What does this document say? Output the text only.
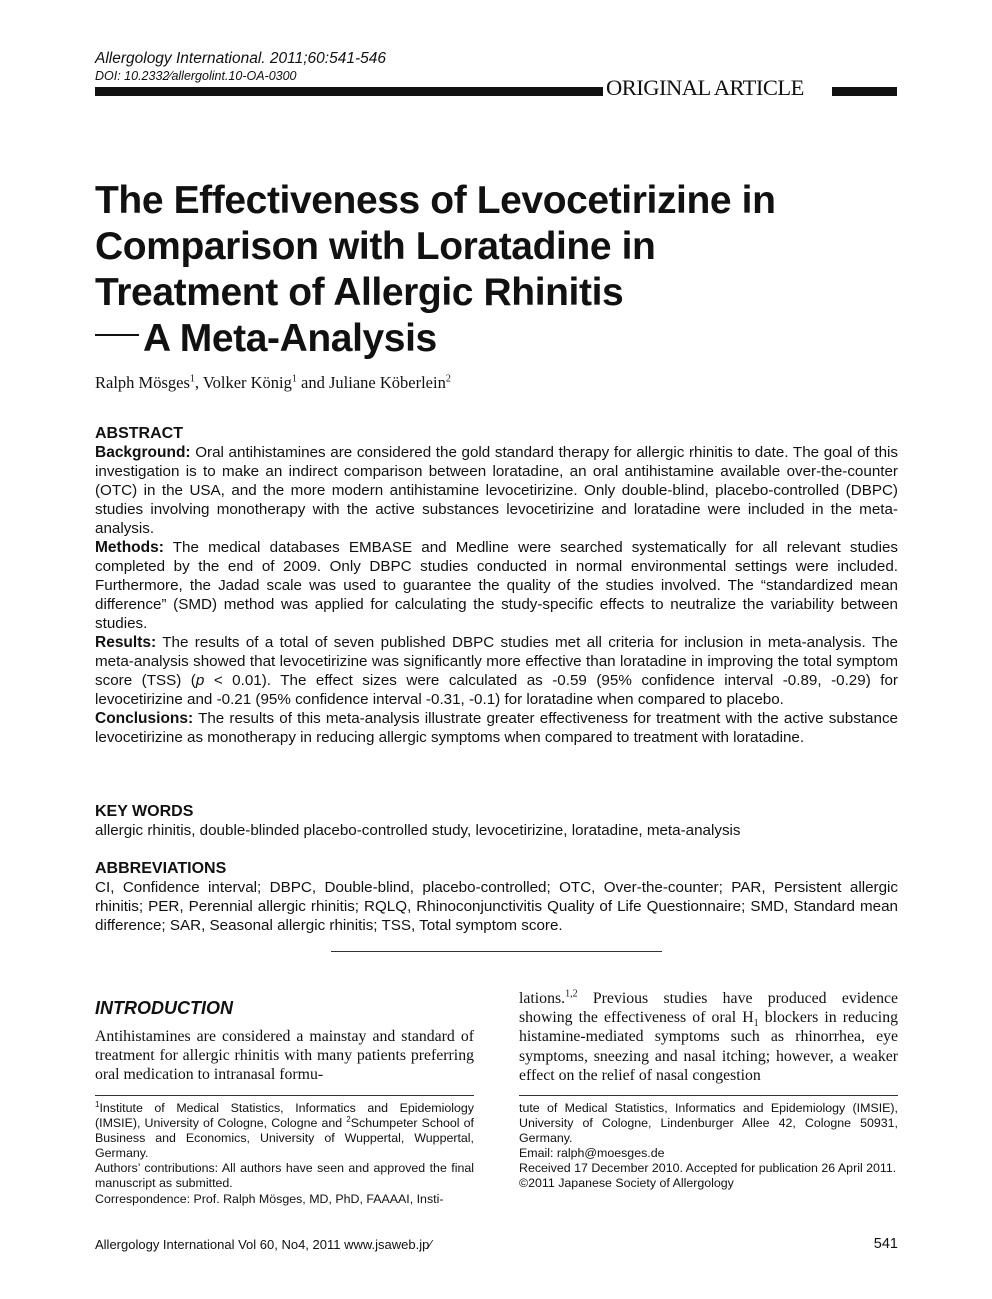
Allergology International. 2011;60:541-546
DOI: 10.2332⁄allergolint.10-OA-0300	ORIGINAL ARTICLE
The Effectiveness of Levocetirizine in
Comparison with Loratadine in
Treatment of Allergic Rhinitis
A Meta-Analysis
Ralph Mösges$^1$, Volker König$^1$ and Juliane Köberlein$^2$
ABSTRACT

Background: Oral antihistamines are considered the gold standard therapy for allergic rhinitis to date. The goal of this investigation is to make an indirect comparison between loratadine, an oral antihistamine available over-the-counter (OTC) in the USA, and the more modern antihistamine levocetirizine. Only double-blind, placebo-controlled (DBPC) studies involving monotherapy with the active substances levocetirizine and loratadine were included in the meta-analysis.

Methods: The medical databases EMBASE and Medline were searched systematically for all relevant studies completed by the end of 2009. Only DBPC studies conducted in normal environmental settings were included. Furthermore, the Jadad scale was used to guarantee the quality of the studies involved. The “standardized mean difference” (SMD) method was applied for calculating the study-specific effects to neutralize the variability between studies.

Results: The results of a total of seven published DBPC studies met all criteria for inclusion in meta-analysis. The meta-analysis showed that levocetirizine was significantly more effective than loratadine in improving the total symptom score (TSS) (p < 0.01). The effect sizes were calculated as -0.59 (95% confidence interval -0.89, -0.29) for levocetirizine and -0.21 (95% confidence interval -0.31, -0.1) for loratadine when compared to placebo.

Conclusions: The results of this meta-analysis illustrate greater effectiveness for treatment with the active substance levocetirizine as monotherapy in reducing allergic symptoms when compared to treatment with loratadine.

KEY WORDS
allergic rhinitis, double-blinded placebo-controlled study, levocetirizine, loratadine, meta-analysis
ABBREVIATIONS
CI, Confidence interval; DBPC, Double-blind, placebo-controlled; OTC, Over-the-counter; PAR, Persistent allergic rhinitis; PER, Perennial allergic rhinitis; RQLQ, Rhinoconjunctivitis Quality of Life Questionnaire; SMD, Standard mean difference; SAR, Seasonal allergic rhinitis; TSS, Total symptom score.
INTRODUCTION
Antihistamines are considered a mainstay and standard of treatment for allergic rhinitis with many patients preferring oral medication to intranasal formu-
lations.$^{1,2}$ Previous studies have produced evidence showing the effectiveness of oral $H_1$ blockers in reducing histamine-mediated symptoms such as rhinorrhea, eye symptoms, sneezing and nasal itching; however, a weaker effect on the relief of nasal congestion

$^1$Institute of Medical Statistics, Informatics and Epidemiology (IMSIE), University of Cologne, Cologne and $^2$Schumpeter School of Business and Economics, University of Wuppertal, Wuppertal, Germany.

Authors’ contributions: All authors have seen and approved the final manuscript as submitted.

Correspondence: Prof. Ralph Mösges, MD, PhD, FAAAAI, Insti-

tute of Medical Statistics, Informatics and Epidemiology (IMSIE), University of Cologne, Lindenburger Allee 42, Cologne 50931, Germany.

Email: ralph@moesges.de

Received 17 December 2010. Accepted for publication 26 April 2011.

©2011 Japanese Society of Allergology

Allergology International Vol 60, No4, 2011 www.jsaweb.jp⁄	541
